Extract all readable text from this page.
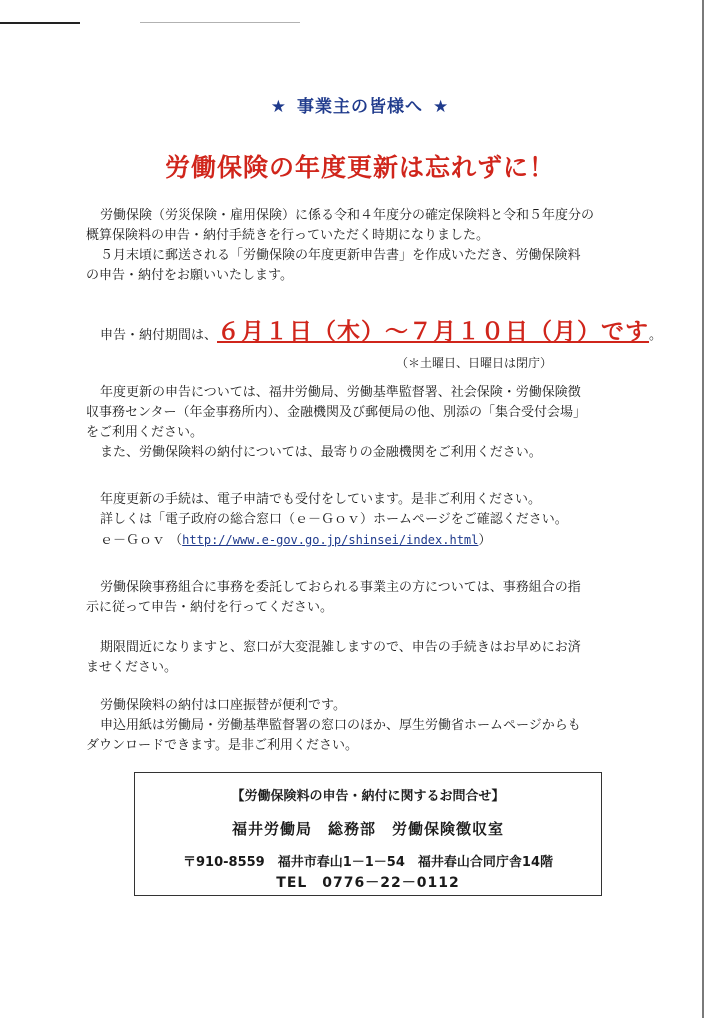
★ 事業主の皆様へ ★
労働保険の年度更新は忘れずに！

労働保険（労災保険・雇用保険）に係る令和４年度分の確定保険料と令和５年度分の

概算保険料の申告・納付手続きを行っていただく時期になりました。

５月末頃に郵送される「労働保険の年度更新申告書」を作成いただき、労働保険料

の申告・納付をお願いいたします。

申告・納付期間は、６月１日（木）～７月１０日（月）です。
（＊土曜日、日曜日は閉庁）

年度更新の申告については、福井労働局、労働基準監督署、社会保険・労働保険徴

収事務センター（年金事務所内）、金融機関及び郵便局の他、別添の「集合受付会場」

をご利用ください。

また、労働保険料の納付については、最寄りの金融機関をご利用ください。

年度更新の手続は、電子申請でも受付をしています。是非ご利用ください。

詳しくは「電子政府の総合窓口（ｅ－Ｇｏｖ）ホームページをご確認ください。

ｅ－Ｇｏｖ （http://www.e-gov.go.jp/shinsei/index.html）

労働保険事務組合に事務を委託しておられる事業主の方については、事務組合の指

示に従って申告・納付を行ってください。

期限間近になりますと、窓口が大変混雑しますので、申告の手続きはお早めにお済

ませください。

労働保険料の納付は口座振替が便利です。

申込用紙は労働局・労働基準監督署の窓口のほか、厚生労働省ホームページからも

ダウンロードできます。是非ご利用ください。

【労働保険料の申告・納付に関するお問合せ】
福井労働局　総務部　労働保険徴収室
〒910-8559　福井市春山1－1－54　福井春山合同庁舎14階
TEL　0776－22－0112
